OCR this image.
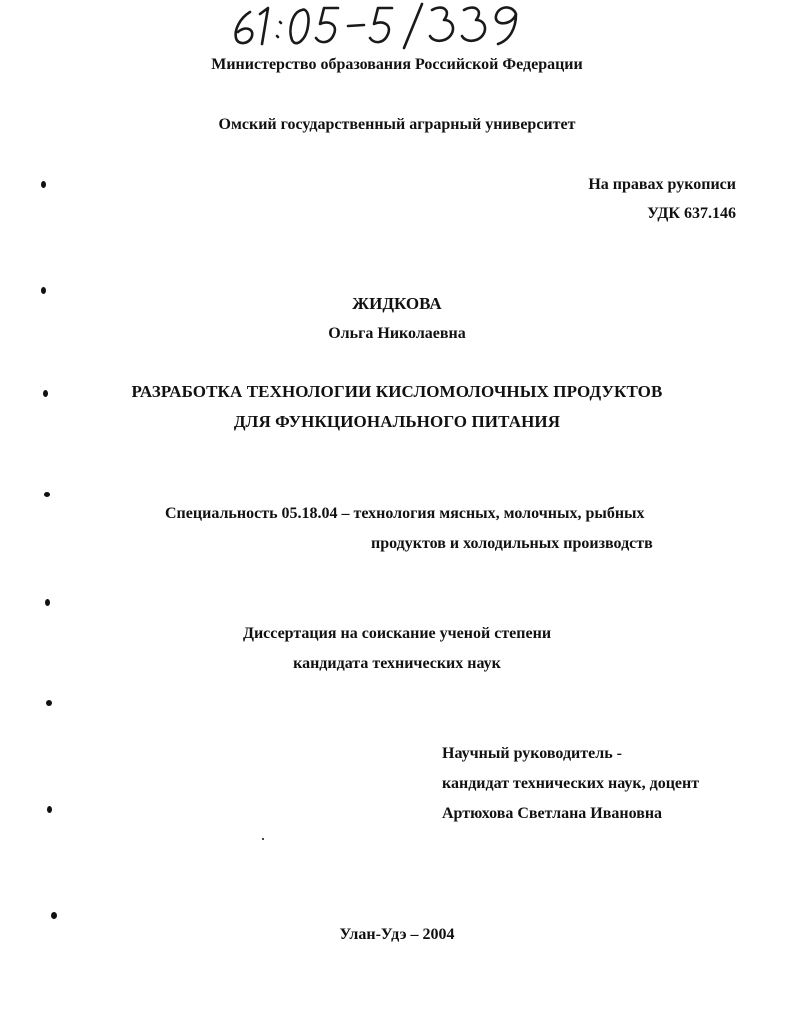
Министерство образования Российской Федерации
Омский государственный аграрный университет
На правах рукописи
УДК 637.146
ЖИДКОВА
Ольга Николаевна
РАЗРАБОТКА ТЕХНОЛОГИИ КИСЛОМОЛОЧНЫХ ПРОДУКТОВ
ДЛЯ ФУНКЦИОНАЛЬНОГО ПИТАНИЯ
Специальность 05.18.04 – технология мясных, молочных, рыбных
продуктов и холодильных производств
Диссертация на соискание ученой степени
кандидата технических наук
Научный руководитель -
кандидат технических наук, доцент
Артюхова Светлана Ивановна
Улан-Удэ – 2004
